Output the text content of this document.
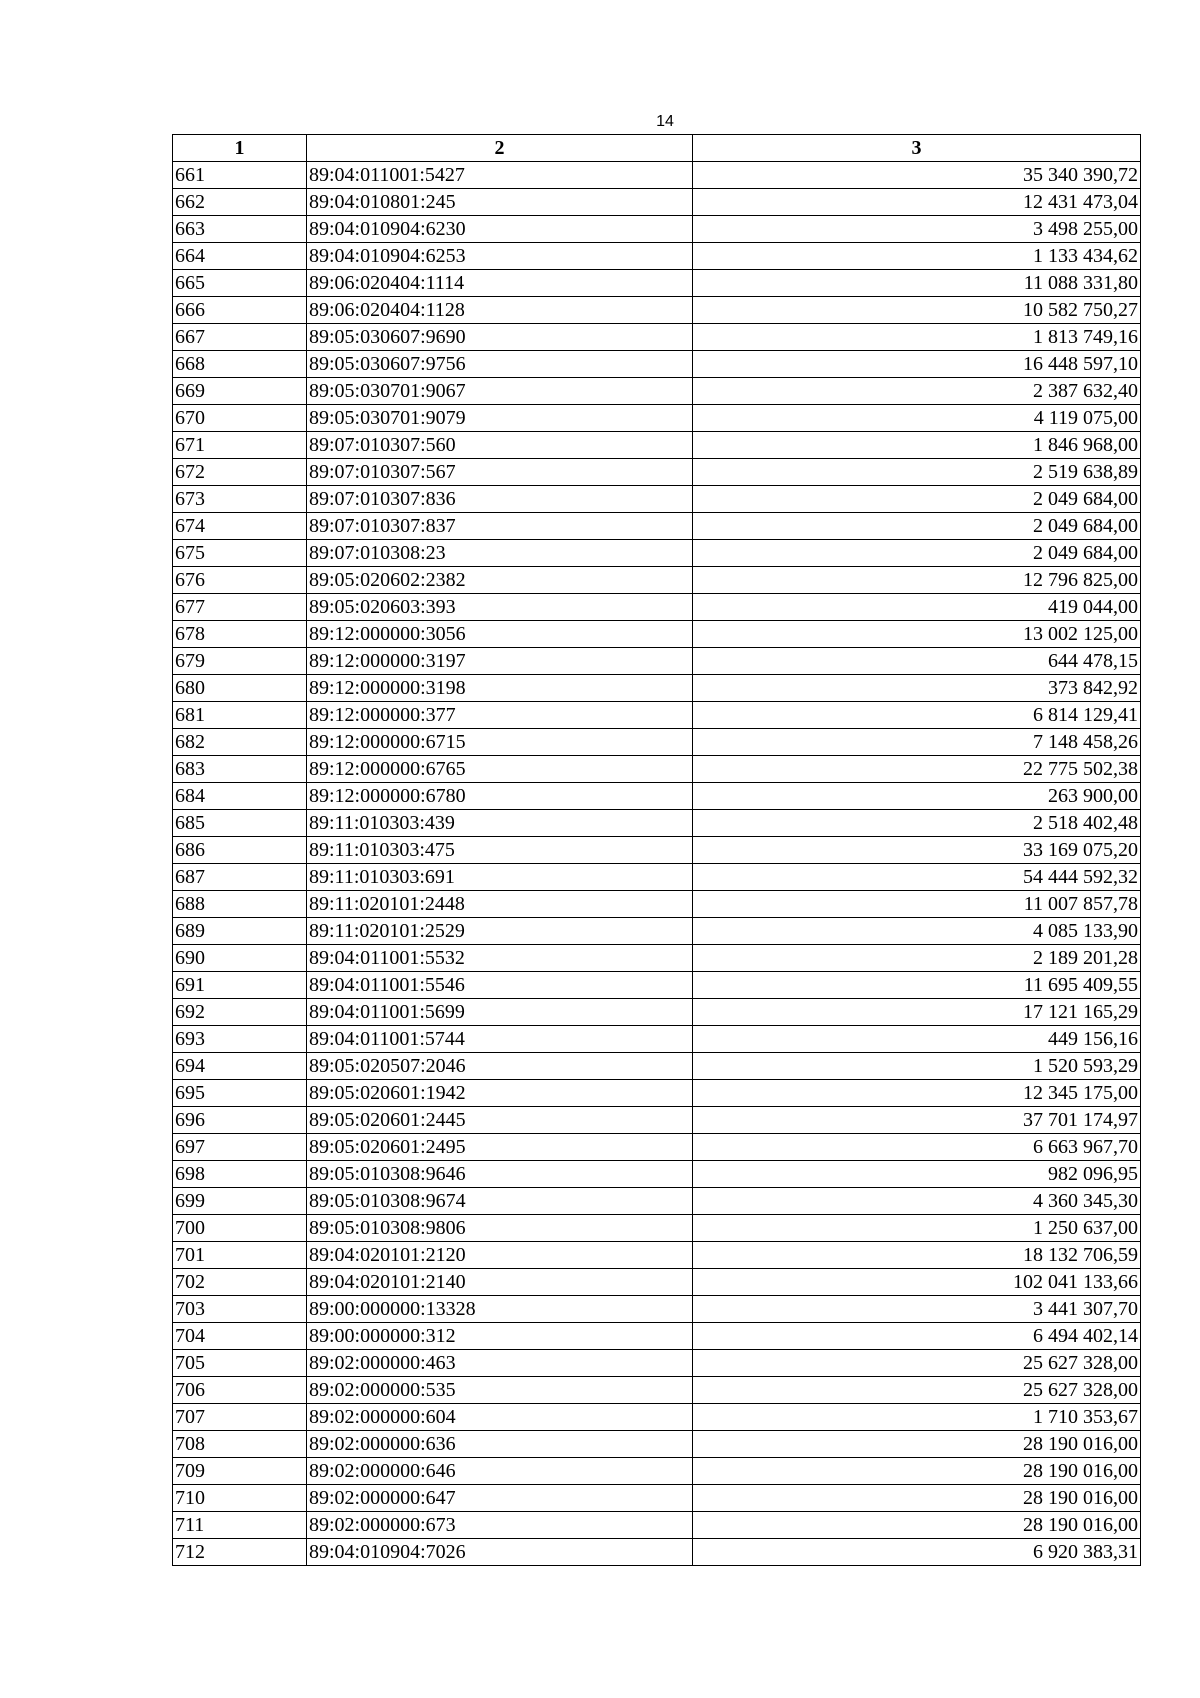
14
1	2	3
661	89:04:011001:5427	35 340 390,72
662	89:04:010801:245	12 431 473,04
663	89:04:010904:6230	3 498 255,00
664	89:04:010904:6253	1 133 434,62
665	89:06:020404:1114	11 088 331,80
666	89:06:020404:1128	10 582 750,27
667	89:05:030607:9690	1 813 749,16
668	89:05:030607:9756	16 448 597,10
669	89:05:030701:9067	2 387 632,40
670	89:05:030701:9079	4 119 075,00
671	89:07:010307:560	1 846 968,00
672	89:07:010307:567	2 519 638,89
673	89:07:010307:836	2 049 684,00
674	89:07:010307:837	2 049 684,00
675	89:07:010308:23	2 049 684,00
676	89:05:020602:2382	12 796 825,00
677	89:05:020603:393	419 044,00
678	89:12:000000:3056	13 002 125,00
679	89:12:000000:3197	644 478,15
680	89:12:000000:3198	373 842,92
681	89:12:000000:377	6 814 129,41
682	89:12:000000:6715	7 148 458,26
683	89:12:000000:6765	22 775 502,38
684	89:12:000000:6780	263 900,00
685	89:11:010303:439	2 518 402,48
686	89:11:010303:475	33 169 075,20
687	89:11:010303:691	54 444 592,32
688	89:11:020101:2448	11 007 857,78
689	89:11:020101:2529	4 085 133,90
690	89:04:011001:5532	2 189 201,28
691	89:04:011001:5546	11 695 409,55
692	89:04:011001:5699	17 121 165,29
693	89:04:011001:5744	449 156,16
694	89:05:020507:2046	1 520 593,29
695	89:05:020601:1942	12 345 175,00
696	89:05:020601:2445	37 701 174,97
697	89:05:020601:2495	6 663 967,70
698	89:05:010308:9646	982 096,95
699	89:05:010308:9674	4 360 345,30
700	89:05:010308:9806	1 250 637,00
701	89:04:020101:2120	18 132 706,59
702	89:04:020101:2140	102 041 133,66
703	89:00:000000:13328	3 441 307,70
704	89:00:000000:312	6 494 402,14
705	89:02:000000:463	25 627 328,00
706	89:02:000000:535	25 627 328,00
707	89:02:000000:604	1 710 353,67
708	89:02:000000:636	28 190 016,00
709	89:02:000000:646	28 190 016,00
710	89:02:000000:647	28 190 016,00
711	89:02:000000:673	28 190 016,00
712	89:04:010904:7026	6 920 383,31
